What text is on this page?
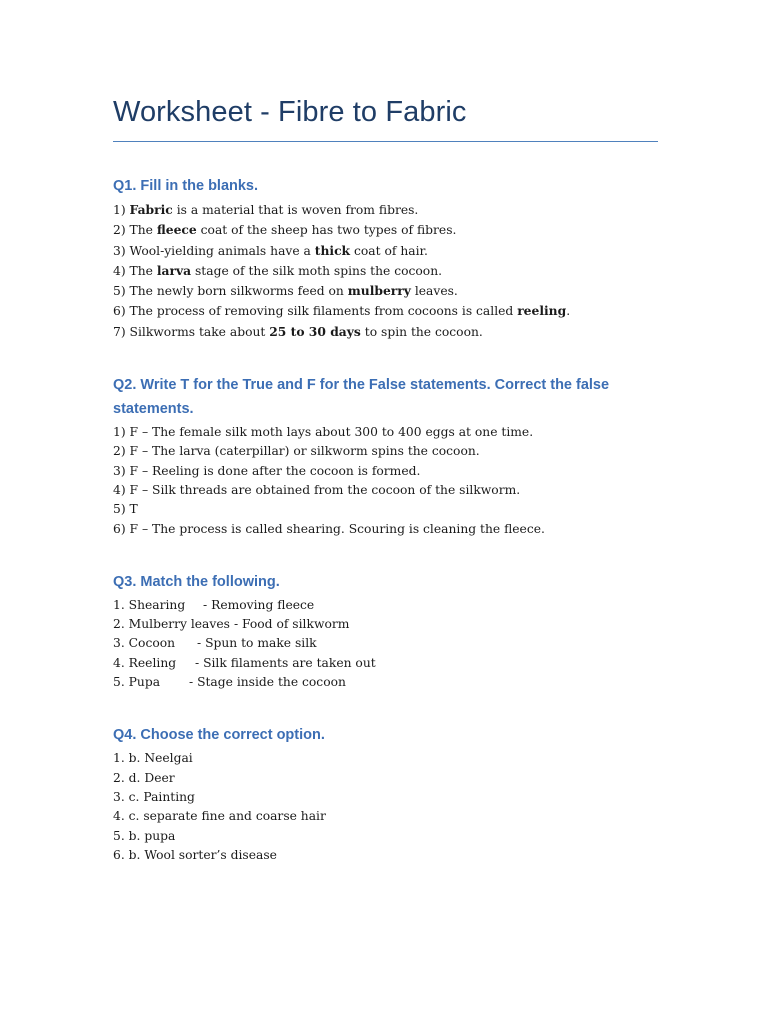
Worksheet - Fibre to Fabric
Q1. Fill in the blanks.
1) Fabric is a material that is woven from fibres.
2) The fleece coat of the sheep has two types of fibres.
3) Wool-yielding animals have a thick coat of hair.
4) The larva stage of the silk moth spins the cocoon.
5) The newly born silkworms feed on mulberry leaves.
6) The process of removing silk filaments from cocoons is called reeling.
7) Silkworms take about 25 to 30 days to spin the cocoon.
Q2. Write T for the True and F for the False statements. Correct the false
statements.
1) F – The female silk moth lays about 300 to 400 eggs at one time.
2) F – The larva (caterpillar) or silkworm spins the cocoon.
3) F – Reeling is done after the cocoon is formed.
4) F – Silk threads are obtained from the cocoon of the silkworm.
5) T
6) F – The process is called shearing. Scouring is cleaning the fleece.
Q3. Match the following.
1. Shearing - Removing fleece
2. Mulberry leaves - Food of silkworm
3. Cocoon - Spun to make silk
4. Reeling - Silk filaments are taken out
5. Pupa - Stage inside the cocoon
Q4. Choose the correct option.
1. b. Neelgai
2. d. Deer
3. c. Painting
4. c. separate fine and coarse hair
5. b. pupa
6. b. Wool sorter’s disease
